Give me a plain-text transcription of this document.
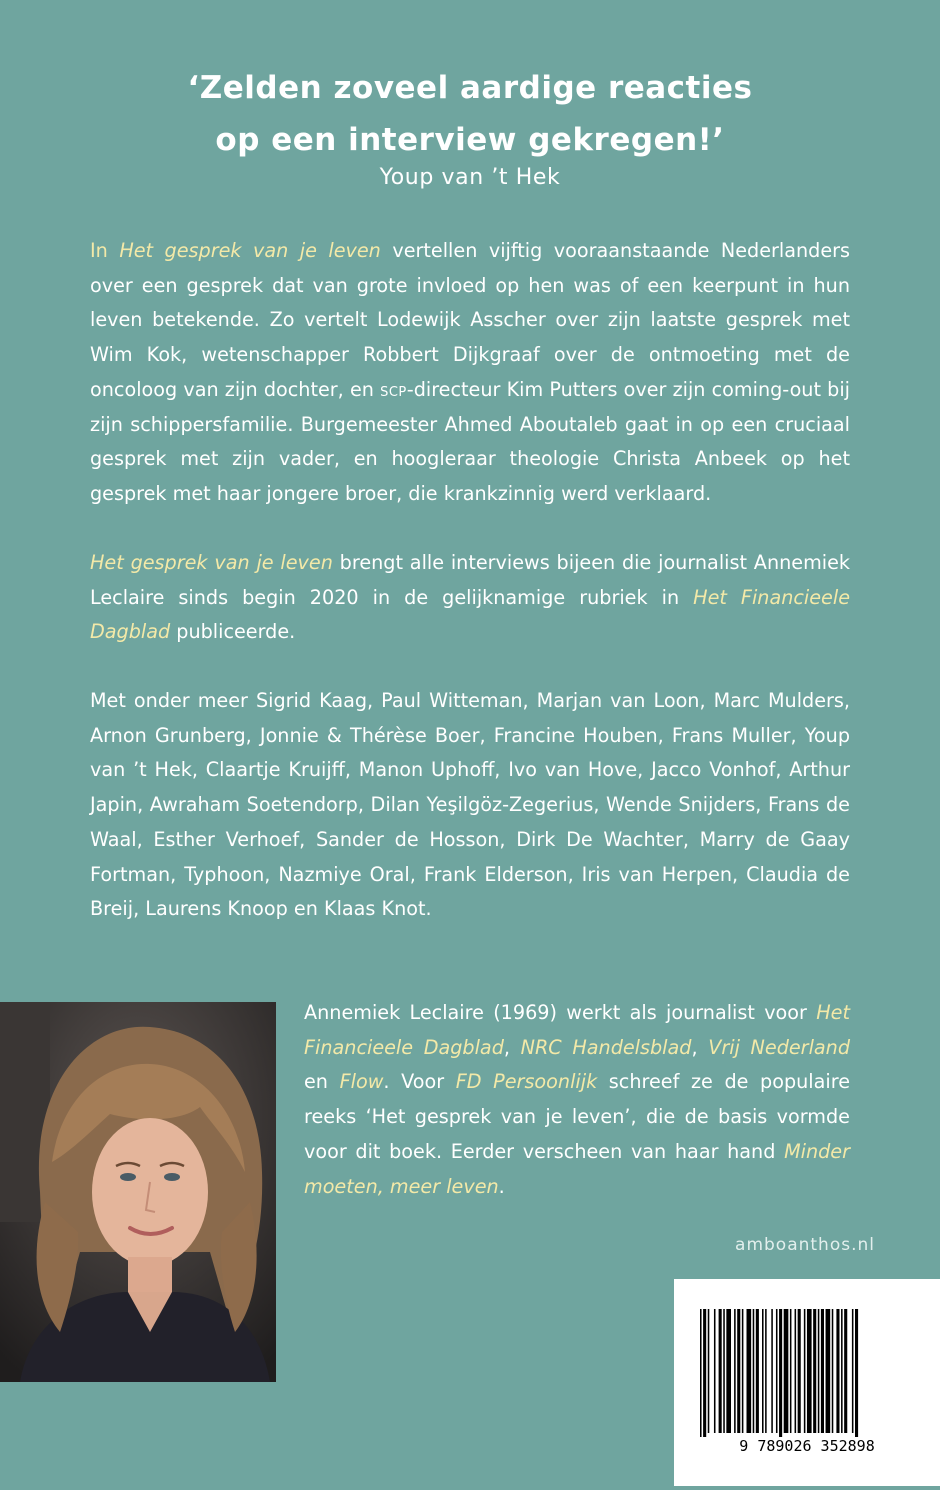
‘Zelden zoveel aardige reacties
op een interview gekregen!’
Youp van ’t Hek
In Het gesprek van je leven vertellen vijftig vooraanstaande Nederlanders over een gesprek dat van grote invloed op hen was of een keerpunt in hun leven betekende. Zo vertelt Lodewijk Asscher over zijn laatste gesprek met Wim Kok, wetenschapper Robbert Dijkgraaf over de ontmoeting met de oncoloog van zijn dochter, en scp-directeur Kim Putters over zijn coming-out bij zijn schippersfamilie. Burgemeester Ahmed Aboutaleb gaat in op een cruciaal gesprek met zijn vader, en hoogleraar theologie Christa Anbeek op het gesprek met haar jongere broer, die krankzinnig werd verklaard.
Het gesprek van je leven brengt alle interviews bijeen die journalist Annemiek Leclaire sinds begin 2020 in de gelijknamige rubriek in Het Financieele Dagblad publiceerde.
Met onder meer Sigrid Kaag, Paul Witteman, Marjan van Loon, Marc Mulders, Arnon Grunberg, Jonnie & Thérèse Boer, Francine Houben, Frans Muller, Youp van ’t Hek, Claartje Kruijff, Manon Uphoff, Ivo van Hove, Jacco Vonhof, Arthur Japin, Awraham Soetendorp, Dilan Yeşilgöz-Zegerius, Wende Snijders, Frans de Waal, Esther Verhoef, Sander de Hosson, Dirk De Wachter, Marry de Gaay Fortman, Typhoon, Nazmiye Oral, Frank Elderson, Iris van Herpen, Claudia de Breij, Laurens Knoop en Klaas Knot.
Annemiek Leclaire (1969) werkt als journalist voor Het Financieele Dagblad, NRC Handelsblad, Vrij Nederland en Flow. Voor FD Persoonlijk schreef ze de populaire reeks ‘Het gesprek van je leven’, die de basis vormde voor dit boek. Eerder verscheen van haar hand Minder moeten, meer leven.
amboanthos.nl
9 789026 352898
